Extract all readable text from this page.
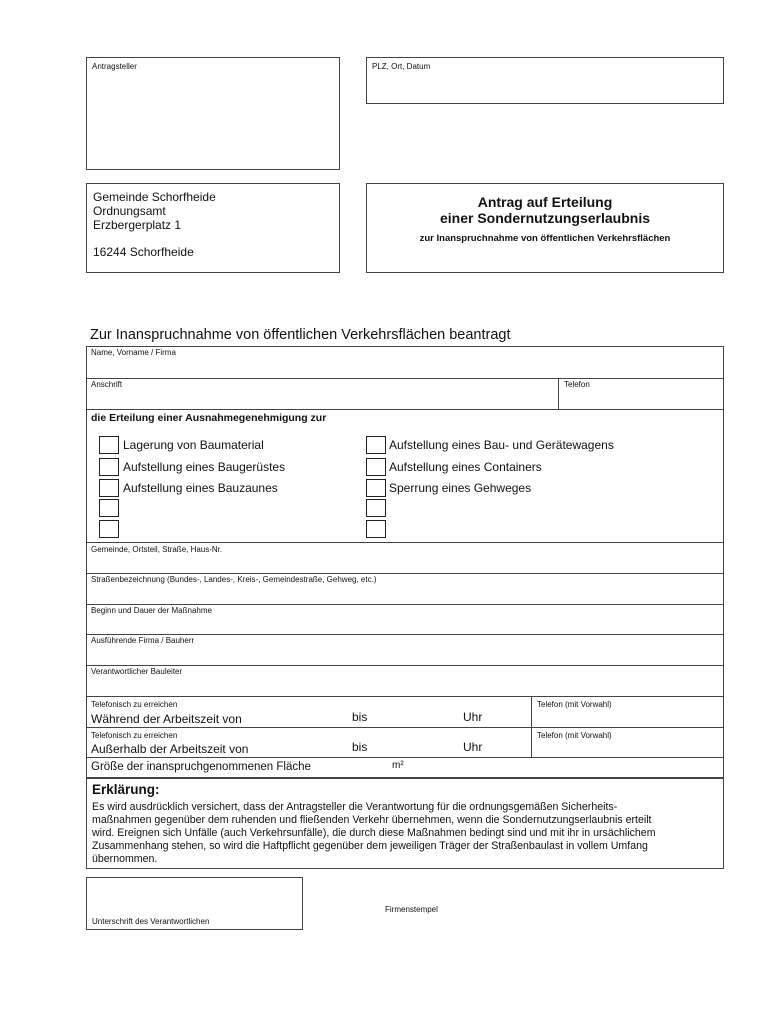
Antragsteller	PLZ, Ort, Datum
Gemeinde Schorfheide
Ordnungsamt
Erzbergerplatz 1
16244 Schorfheide
Antrag auf Erteilung
einer Sondernutzungserlaubnis
zur Inanspruchnahme von öffentlichen Verkehrsflächen
Zur Inanspruchnahme von öffentlichen Verkehrsflächen beantragt
Name, Vorname / Firma
Anschrift	Telefon
die Erteilung einer Ausnahmegenehmigung zur
Lagerung von Baumaterial
Aufstellung eines Baugerüstes
Aufstellung eines Bauzaunes
Aufstellung eines Bau- und Gerätewagens
Aufstellung eines Containers
Sperrung eines Gehweges
Gemeinde, Ortsteil, Straße, Haus-Nr.
Straßenbezeichnung (Bundes-, Landes-, Kreis-, Gemeindestraße, Gehweg, etc.)
Beginn und Dauer der Maßnahme
Ausführende Firma / Bauherr
Verantwortlicher Bauleiter
Telefonisch zu erreichen
Während der Arbeitszeit von	bis	Uhr
Telefon (mit Vorwahl)
Telefonisch zu erreichen
Außerhalb der Arbeitszeit von	bis	Uhr
Telefon (mit Vorwahl)
Größe der inanspruchgenommenen Fläche	m²
Erklärung:
Es wird ausdrücklich versichert, dass der Antragsteller die Verantwortung für die ordnungsgemäßen Sicherheits-
maßnahmen gegenüber dem ruhenden und fließenden Verkehr übernehmen, wenn die Sondernutzungserlaubnis erteilt
wird. Ereignen sich Unfälle (auch Verkehrsunfälle), die durch diese Maßnahmen bedingt sind und mit ihr in ursächlichem
Zusammenhang stehen, so wird die Haftpflicht gegenüber dem jeweiligen Träger der Straßenbaulast in vollem Umfang
übernommen.
Unterschrift des Verantwortlichen
Firmenstempel
